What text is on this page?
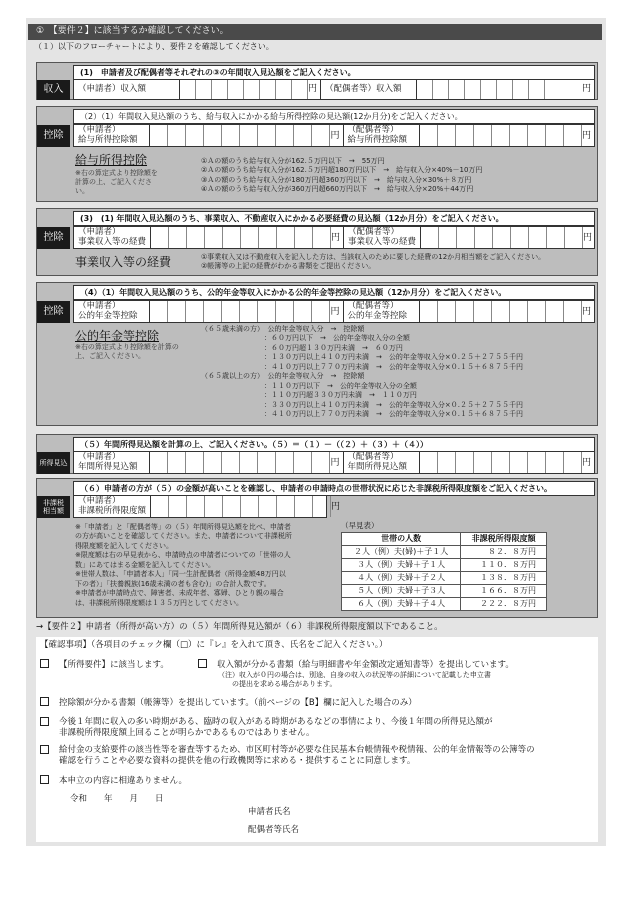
①　【要件２】に該当するか確認してください。
（１）以下のフローチャートにより、要件２を確認してください。
(1)　申請者及び配偶者等それぞれの③の年間収入見込額をご記入ください。
収入	（申請者）収入額	円 （配偶者等）収入額	円
（2）（1）年間収入見込額のうち、給与収入にかかる給与所得控除の見込額(12か月分)をご記入ください。
控除	（申請者）
給与所得控除額	円
（配偶者等）
給与所得控除額	円
給与所得控除
※右の算定式より控除額を
計算の上、ご記入くださ
い。
①Ａの額のうち給与収入分が162.５万円以下　→　55万円
②Ａの額のうち給与収入分が162.５万円超180万円以下　→　給与収入分×40%－10万円
③Ａの額のうち給与収入分が180万円超360万円以下　→　給与収入分×30%＋８万円
④Ａの額のうち給与収入分が360万円超660万円以下　→　給与収入分×20%＋44万円
(3)　(1) 年間収入見込額のうち、事業収入、不動産収入にかかる必要経費の見込額（12か月分）をご記入ください。
控除	（申請者）
事業収入等の経費	円
（配偶者等）
事業収入等の経費	円
事業収入等の経費	①事業収入又は不動産収入を記入した方は、当該収入のために要した経費の12か月相当額をご記入ください。
②帳簿等の上記の経費がわかる書類をご提出ください。
（4）（1）年間収入見込額のうち、公的年金等収入にかかる公的年金等控除の見込額（12か月分）をご記入ください。
控除	（申請者）
公的年金等控除	円
（配偶者等）
公的年金等控除	円
公的年金等控除
※右の算定式より控除額を計算の
上、ご記入ください。
（６５歳未満の方）　公的年金等収入分　→　控除額
　　　　　　　　　：６０万円以下　→　公的年金等収入分の全額
　　　　　　　　　：６０万円超１３０万円未満　→　６０万円
　　　　　　　　　：１３０万円以上４１０万円未満　→　公的年金等収入分×０.２５＋２７５５千円
　　　　　　　　　：４１０万円以上７７０万円未満　→　公的年金等収入分×０.１５＋６８７５千円
（６５歳以上の方）　公的年金等収入分　→　控除額
　　　　　　　　　：１１０万円以下　→　公的年金等収入分の全額
　　　　　　　　　：１１０万円超３３０万円未満　→　１１０万円
　　　　　　　　　：３３０万円以上４１０万円未満　→　公的年金等収入分×０.２５＋２７５５千円
　　　　　　　　　：４１０万円以上７７０万円未満　→　公的年金等収入分×０.１５＋６８７５千円
（５）年間所得見込額を計算の上、ご記入ください。（５）＝（１）－（（２）＋（３）＋（４））
所得見込
（申請者）
年間所得見込額	円
（配偶者等）
年間所得見込額	円
（６）申請者の方が（５）の金額が高いことを確認し、申請者の申請時点の世帯状況に応じた非課税所得限度額をご記入ください。
非課税
相当額
（申請者）
非課税所得限度額	円
※「申請者」と「配偶者等」の（５）年間所得見込額を比べ、申請者
の方が高いことを確認してください。また、申請者について非課税所
得限度額を記入してください。
※限度額は右の早見表から、申請時点の申請者についての「世帯の人
数」にあてはまる金額を記入してください。
※世帯人数は、「申請者本人」「同一生計配偶者（所得金額48万円以
下の者）」「扶養親族(16歳未満の者も含む)」の合計人数です。
※申請者が申請時点で、障害者、未成年者、寡婦、ひとり親の場合
は、非課税所得限度額は１３５万円としてください。
（早見表）
世帯の人数	非課税所得限度額
２人（例）夫(婦)＋子１人	８２．８万円
３人（例）夫婦＋子１人	１１０．８万円
４人（例）夫婦＋子２人	１３８．８万円
５人（例）夫婦＋子３人	１６６．８万円
６人（例）夫婦＋子４人	２２２．８万円
→【要件２】申請者（所得が高い方）の（５）年間所得見込額が（６）非課税所得限度額以下であること。
【確認事項】（各項目のチェック欄（□）に『レ』を入れて頂き、氏名をご記入ください。）
【所得要件】に該当します。	収入額が分かる書類（給与明細書や年金額改定通知書等）を提出しています。
（注）収入が０円の場合は、別途、自身の収入の状況等の詳細について記載した申立書
　　の提出を求める場合があります。
控除額が分かる書類（帳簿等）を提出しています。（前ページの【B】欄に記入した場合のみ）
今後１年間に収入の多い時期がある、臨時の収入がある時期があるなどの事情により、今後１年間の所得見込額が
非課税所得限度額上回ることが明らかであるものではありません。
給付金の支給要件の該当性等を審査等するため、市区町村等が必要な住民基本台帳情報や税情報、公的年金情報等の公簿等の
確認を行うことや必要な資料の提供を他の行政機関等に求める・提供することに同意します。
本申立の内容に相違ありません。
令和　　年　　月　　日
申請者氏名
配偶者等氏名
